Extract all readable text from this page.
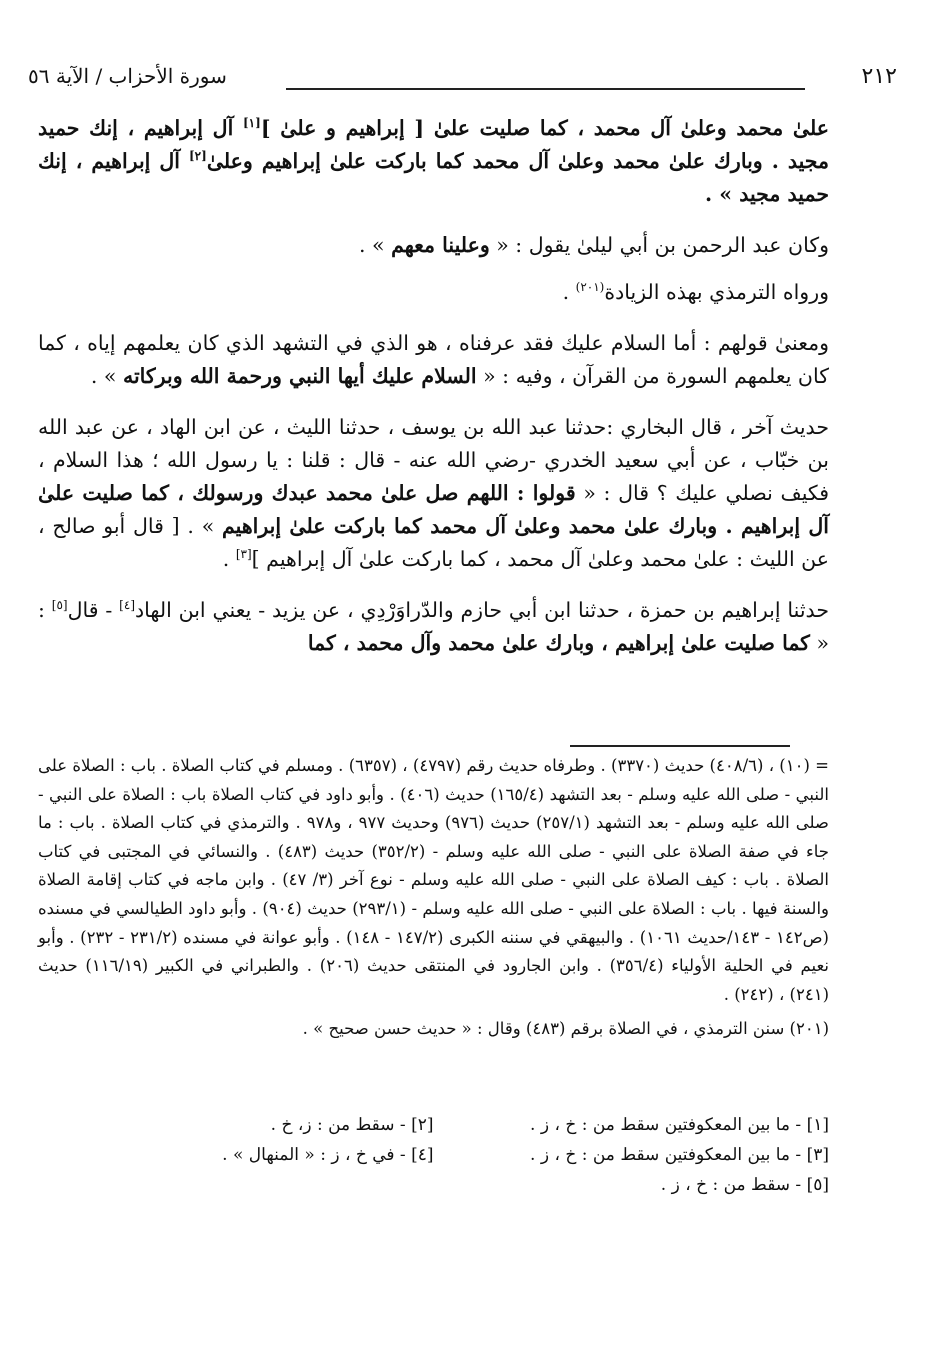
٢١٢
سورة الأحزاب / الآية ٥٦

علىٰ محمد وعلىٰ آل محمد ، كما صليت علىٰ [ إبراهيم و علىٰ ][١] آل إبراهيم ، إنك حميد مجيد . وبارك علىٰ محمد وعلىٰ آل محمد كما باركت علىٰ إبراهيم وعلىٰ[٢] آل إبراهيم ، إنك حميد مجيد » .

وكان عبد الرحمن بن أبي ليلىٰ يقول : « وعلينا معهم » .

ورواه الترمذي بهذه الزيادة$^{(٢٠١)}$ .

ومعنىٰ قولهم : أما السلام عليك فقد عرفناه ، هو الذي في التشهد الذي كان يعلمهم إياه ، كما كان يعلمهم السورة من القرآن ، وفيه : « السلام عليك أيها النبي ورحمة الله وبركاته » .

حديث آخر ، قال البخاري :حدثنا عبد الله بن يوسف ، حدثنا الليث ، عن ابن الهاد ، عن عبد الله بن خبّاب ، عن أبي سعيد الخدري -رضي الله عنه - قال : قلنا : يا رسول الله ؛ هذا السلام ، فكيف نصلي عليك ؟ قال : « قولوا : اللهم صل علىٰ محمد عبدك ورسولك ، كما صليت علىٰ آل إبراهيم . وبارك علىٰ محمد وعلىٰ آل محمد كما باركت علىٰ إبراهيم » . [ قال أبو صالح ، عن الليث : علىٰ محمد وعلىٰ آل محمد ، كما باركت علىٰ آل إبراهيم ][٣] .

حدثنا إبراهيم بن حمزة ، حدثنا ابن أبي حازم والدّراوَرْدِي ، عن يزيد - يعني ابن الهاد[٤] - قال[٥] : « كما صليت علىٰ إبراهيم ، وبارك علىٰ محمد وآل محمد ، كما

= (١٠) ، (٤٠٨/٦) حديث (٣٣٧٠) . وطرفاه حديث رقم (٤٧٩٧) ، (٦٣٥٧) . ومسلم في كتاب الصلاة . باب : الصلاة على النبي - صلى الله عليه وسلم - بعد التشهد (١٦٥/٤) حديث (٤٠٦) . وأبو داود في كتاب الصلاة باب : الصلاة على النبي - صلى الله عليه وسلم - بعد التشهد (٢٥٧/١) حديث (٩٧٦) وحديث ٩٧٧ ، و٩٧٨ . والترمذي في كتاب الصلاة . باب : ما جاء في صفة الصلاة على النبي - صلى الله عليه وسلم - (٣٥٢/٢) حديث (٤٨٣) . والنسائي في المجتبى في كتاب الصلاة . باب : كيف الصلاة على النبي - صلى الله عليه وسلم - نوع آخر (٣/ ٤٧) . وابن ماجه في كتاب إقامة الصلاة والسنة فيها . باب : الصلاة على النبي - صلى الله عليه وسلم - (٢٩٣/١) حديث (٩٠٤) . وأبو داود الطيالسي في مسنده (ص١٤٢ - ١٤٣/حديث ١٠٦١) . والبيهقي في سننه الكبرى (١٤٧/٢ - ١٤٨) . وأبو عوانة في مسنده (٢٣١/٢ - ٢٣٢) . وأبو نعيم في الحلية الأولياء (٣٥٦/٤) . وابن الجارود في المنتقى حديث (٢٠٦) . والطبراني في الكبير (١١٦/١٩) حديث (٢٤١) ، (٢٤٢) .

(٢٠١) سنن الترمذي ، في الصلاة برقم (٤٨٣) وقال : « حديث حسن صحيح » .

[١] - ما بين المعكوفتين سقط من : خ ، ز .
[٢] - سقط من : ز، خ .
[٣] - ما بين المعكوفتين سقط من : خ ، ز .
[٤] - في خ ، ز : « المنهال » .
[٥] - سقط من : خ ، ز .
